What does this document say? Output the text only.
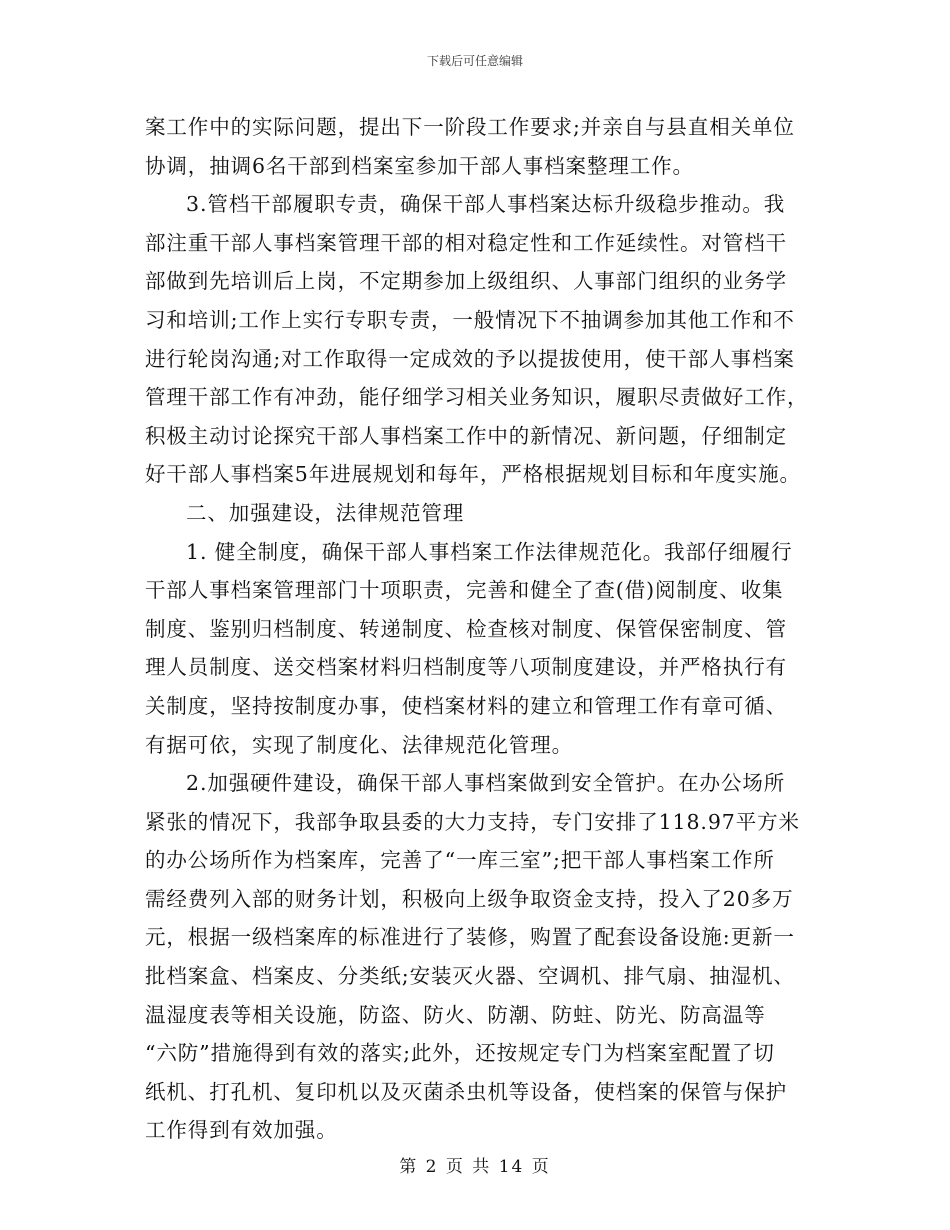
下载后可任意编辑
案工作中的实际问题，提出下一阶段工作要求;并亲自与县直相关单位
协调，抽调6名干部到档案室参加干部人事档案整理工作。
3.管档干部履职专责，确保干部人事档案达标升级稳步推动。我
部注重干部人事档案管理干部的相对稳定性和工作延续性。对管档干
部做到先培训后上岗，不定期参加上级组织、人事部门组织的业务学
习和培训;工作上实行专职专责，一般情况下不抽调参加其他工作和不
进行轮岗沟通;对工作取得一定成效的予以提拔使用，使干部人事档案
管理干部工作有冲劲，能仔细学习相关业务知识，履职尽责做好工作，
积极主动讨论探究干部人事档案工作中的新情况、新问题，仔细制定
好干部人事档案5年进展规划和每年，严格根据规划目标和年度实施。
二、加强建设，法律规范管理
1. 健全制度，确保干部人事档案工作法律规范化。我部仔细履行
干部人事档案管理部门十项职责，完善和健全了查(借)阅制度、收集
制度、鉴别归档制度、转递制度、检查核对制度、保管保密制度、管
理人员制度、送交档案材料归档制度等八项制度建设，并严格执行有
关制度，坚持按制度办事，使档案材料的建立和管理工作有章可循、
有据可依，实现了制度化、法律规范化管理。
2.加强硬件建设，确保干部人事档案做到安全管护。在办公场所
紧张的情况下，我部争取县委的大力支持，专门安排了118.97平方米
的办公场所作为档案库，完善了“一库三室”;把干部人事档案工作所
需经费列入部的财务计划，积极向上级争取资金支持，投入了20多万
元，根据一级档案库的标准进行了装修，购置了配套设备设施:更新一
批档案盒、档案皮、分类纸;安装灭火器、空调机、排气扇、抽湿机、
温湿度表等相关设施，防盗、防火、防潮、防蛀、防光、防高温等
“六防”措施得到有效的落实;此外，还按规定专门为档案室配置了切
纸机、打孔机、复印机以及灭菌杀虫机等设备，使档案的保管与保护
工作得到有效加强。
第 2 页 共 14 页
